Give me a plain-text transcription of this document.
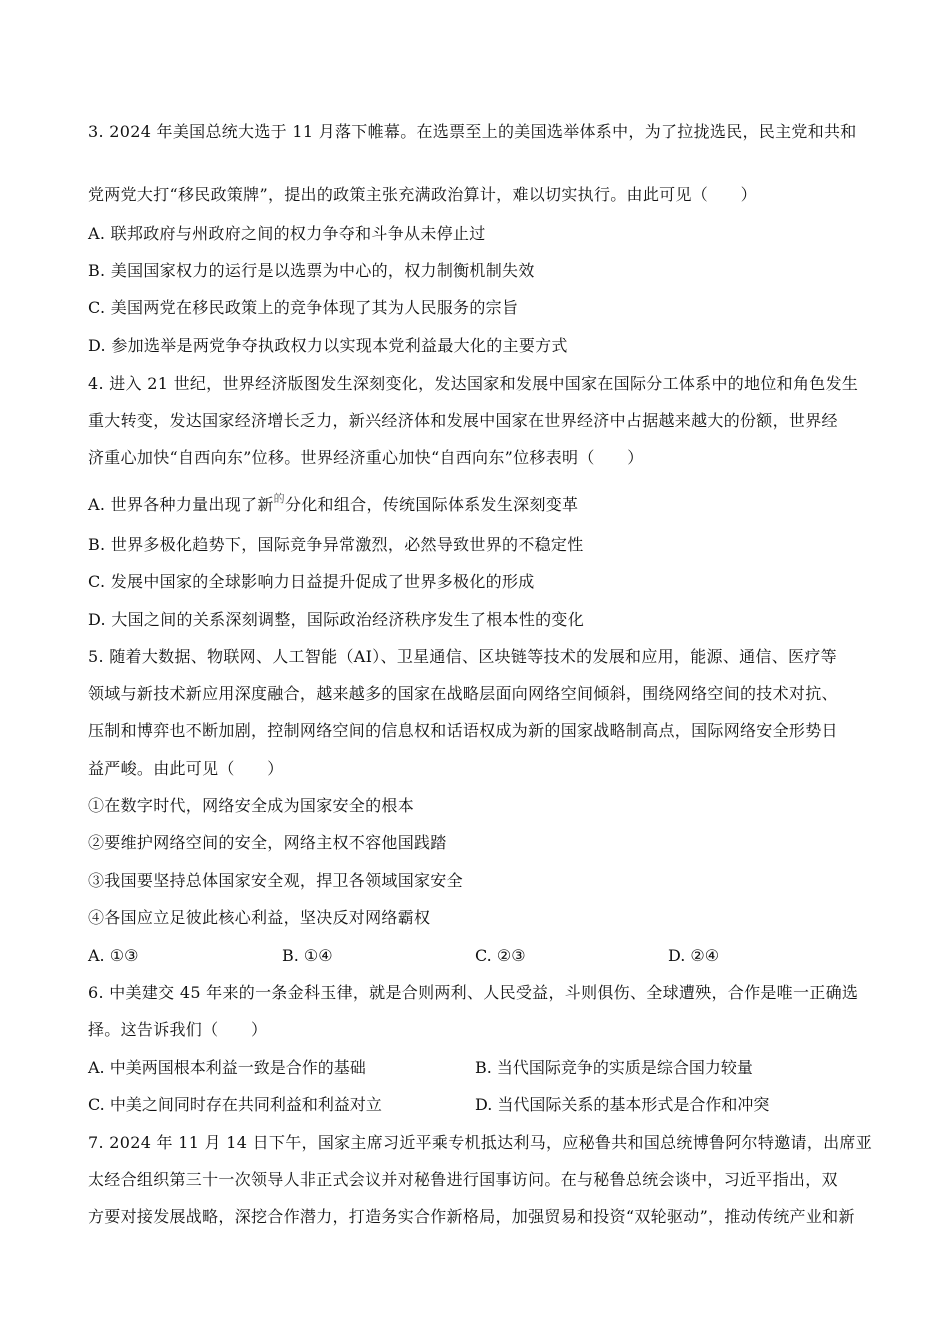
3. 2024 年美国总统大选于 11 月落下帷幕。在选票至上的美国选举体系中，为了拉拢选民，民主党和共和
党两党大打“移民政策牌”，提出的政策主张充满政治算计，难以切实执行。由此可见（　　）
A. 联邦政府与州政府之间的权力争夺和斗争从未停止过
B. 美国国家权力的运行是以选票为中心的，权力制衡机制失效
C. 美国两党在移民政策上的竞争体现了其为人民服务的宗旨
D. 参加选举是两党争夺执政权力以实现本党利益最大化的主要方式
4. 进入 21 世纪，世界经济版图发生深刻变化，发达国家和发展中国家在国际分工体系中的地位和角色发生
重大转变，发达国家经济增长乏力，新兴经济体和发展中国家在世界经济中占据越来越大的份额，世界经
济重心加快“自西向东”位移。世界经济重心加快“自西向东”位移表明（　　）
A. 世界各种力量出现了新$^的$分化和组合，传统国际体系发生深刻变革
B. 世界多极化趋势下，国际竞争异常激烈，必然导致世界的不稳定性
C. 发展中国家的全球影响力日益提升促成了世界多极化的形成
D. 大国之间的关系深刻调整，国际政治经济秩序发生了根本性的变化
5. 随着大数据、物联网、人工智能（AI）、卫星通信、区块链等技术的发展和应用，能源、通信、医疗等
领域与新技术新应用深度融合，越来越多的国家在战略层面向网络空间倾斜，围绕网络空间的技术对抗、
压制和博弈也不断加剧，控制网络空间的信息权和话语权成为新的国家战略制高点，国际网络安全形势日
益严峻。由此可见（　　）
①在数字时代，网络安全成为国家安全的根本
②要维护网络空间的安全，网络主权不容他国践踏
③我国要坚持总体国家安全观，捍卫各领域国家安全
④各国应立足彼此核心利益，坚决反对网络霸权
A. ①③	B. ①④	C. ②③	D. ②④
6. 中美建交 45 年来的一条金科玉律，就是合则两利、人民受益，斗则俱伤、全球遭殃，合作是唯一正确选
择。这告诉我们（　　）
A. 中美两国根本利益一致是合作的基础	B. 当代国际竞争的实质是综合国力较量
C. 中美之间同时存在共同利益和利益对立	D. 当代国际关系的基本形式是合作和冲突
7. 2024 年 11 月 14 日下午，国家主席习近平乘专机抵达利马，应秘鲁共和国总统博鲁阿尔特邀请，出席亚
太经合组织第三十一次领导人非正式会议并对秘鲁进行国事访问。在与秘鲁总统会谈中，习近平指出，双
方要对接发展战略，深挖合作潜力，打造务实合作新格局，加强贸易和投资“双轮驱动”，推动传统产业和新
